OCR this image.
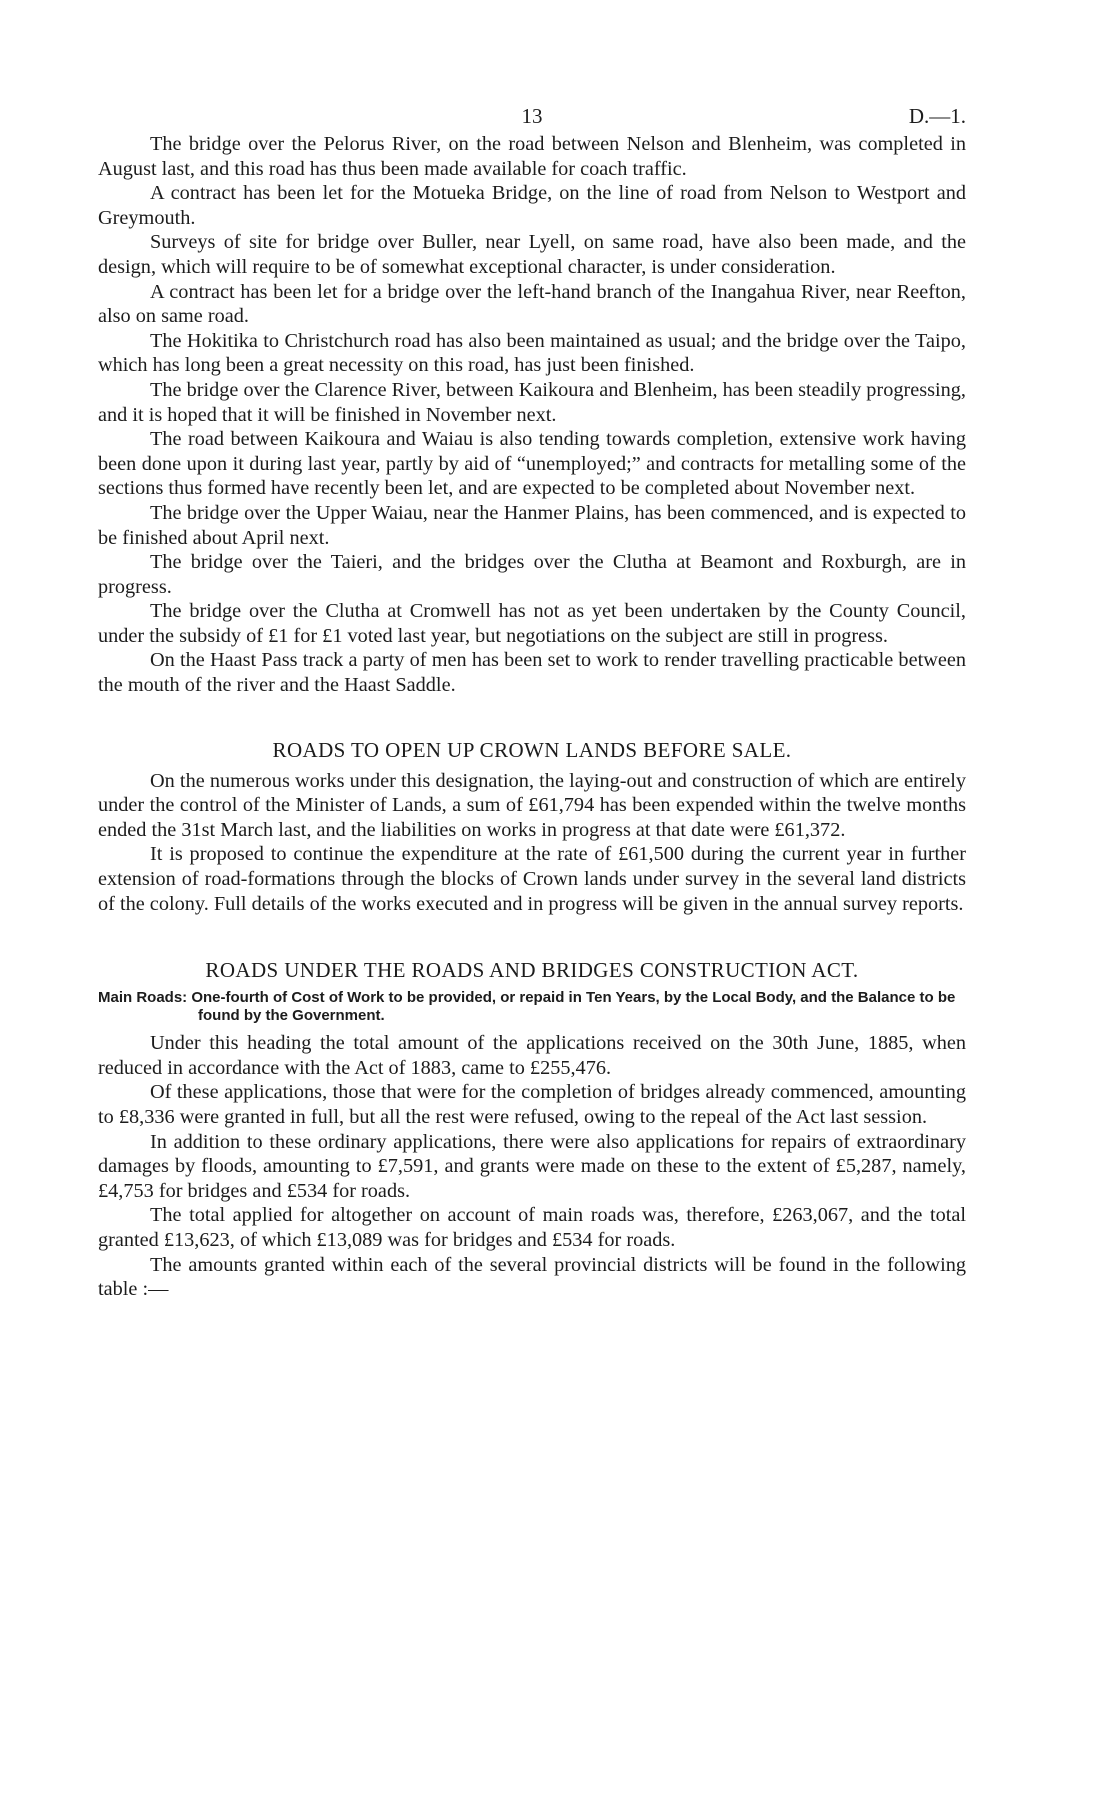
13	D.—1.

The bridge over the Pelorus River, on the road between Nelson and Blenheim, was completed in August last, and this road has thus been made available for coach traffic.

A contract has been let for the Motueka Bridge, on the line of road from Nelson to Westport and Greymouth.

Surveys of site for bridge over Buller, near Lyell, on same road, have also been made, and the design, which will require to be of somewhat exceptional character, is under consideration.

A contract has been let for a bridge over the left-hand branch of the Inangahua River, near Reefton, also on same road.

The Hokitika to Christchurch road has also been maintained as usual; and the bridge over the Taipo, which has long been a great necessity on this road, has just been finished.

The bridge over the Clarence River, between Kaikoura and Blenheim, has been steadily progressing, and it is hoped that it will be finished in November next.

The road between Kaikoura and Waiau is also tending towards completion, extensive work having been done upon it during last year, partly by aid of “unemployed;” and contracts for metalling some of the sections thus formed have recently been let, and are expected to be completed about November next.

The bridge over the Upper Waiau, near the Hanmer Plains, has been commenced, and is expected to be finished about April next.

The bridge over the Taieri, and the bridges over the Clutha at Beamont and Roxburgh, are in progress.

The bridge over the Clutha at Cromwell has not as yet been undertaken by the County Council, under the subsidy of £1 for £1 voted last year, but negotiations on the subject are still in progress.

On the Haast Pass track a party of men has been set to work to render travelling practicable between the mouth of the river and the Haast Saddle.

ROADS TO OPEN UP CROWN LANDS BEFORE SALE.

On the numerous works under this designation, the laying-out and construction of which are entirely under the control of the Minister of Lands, a sum of £61,794 has been expended within the twelve months ended the 31st March last, and the liabilities on works in progress at that date were £61,372.

It is proposed to continue the expenditure at the rate of £61,500 during the current year in further extension of road-formations through the blocks of Crown lands under survey in the several land districts of the colony. Full details of the works executed and in progress will be given in the annual survey reports.

ROADS UNDER THE ROADS AND BRIDGES CONSTRUCTION ACT.
Main Roads: One-fourth of Cost of Work to be provided, or repaid in Ten Years, by the Local Body, and the Balance to be found by the Government.

Under this heading the total amount of the applications received on the 30th June, 1885, when reduced in accordance with the Act of 1883, came to £255,476.

Of these applications, those that were for the completion of bridges already commenced, amounting to £8,336 were granted in full, but all the rest were refused, owing to the repeal of the Act last session.

In addition to these ordinary applications, there were also applications for repairs of extraordinary damages by floods, amounting to £7,591, and grants were made on these to the extent of £5,287, namely, £4,753 for bridges and £534 for roads.

The total applied for altogether on account of main roads was, therefore, £263,067, and the total granted £13,623, of which £13,089 was for bridges and £534 for roads.

The amounts granted within each of the several provincial districts will be found in the following table :—
